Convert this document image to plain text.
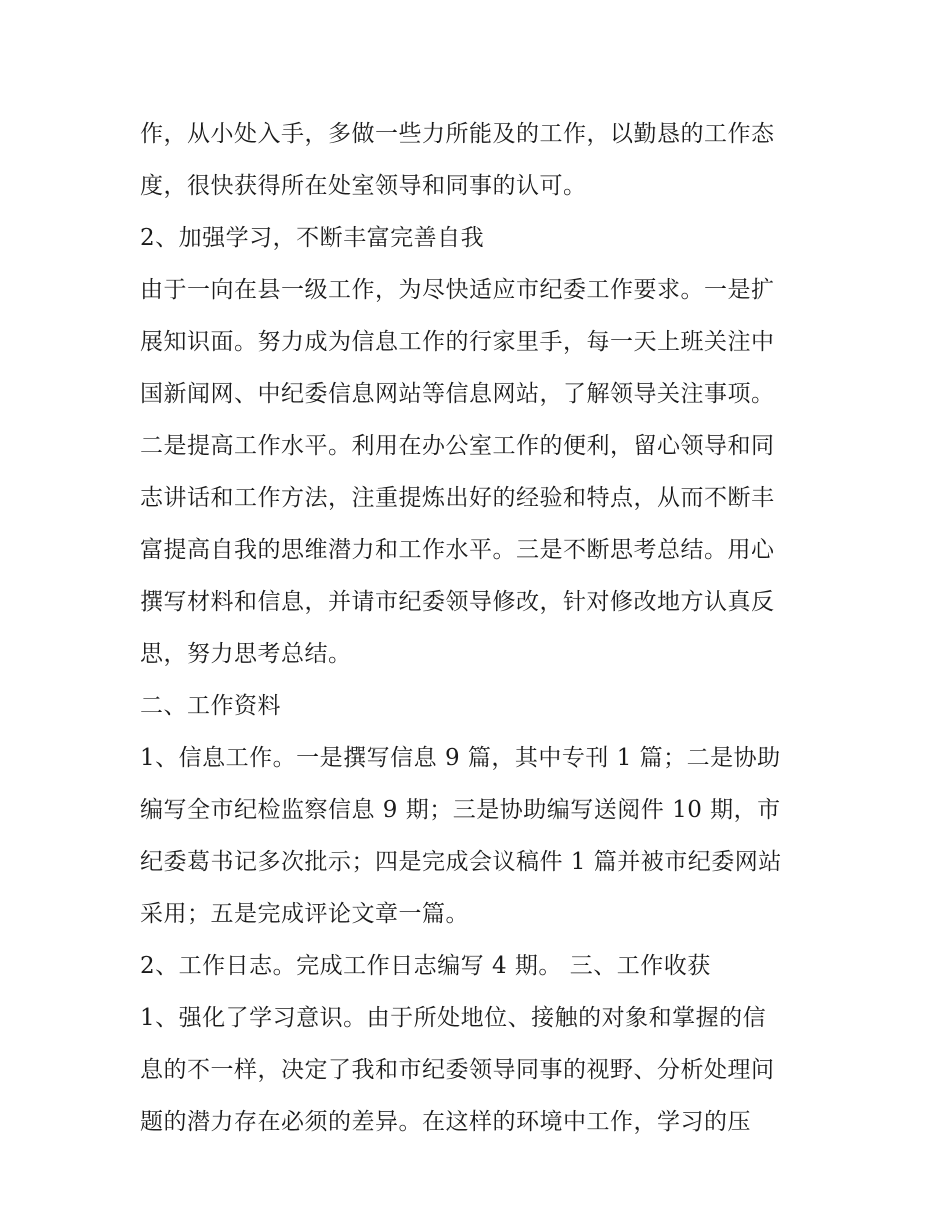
作，从小处入手，多做一些力所能及的工作，以勤恳的工作态
度，很快获得所在处室领导和同事的认可。
2、加强学习，不断丰富完善自我
由于一向在县一级工作，为尽快适应市纪委工作要求。一是扩
展知识面。努力成为信息工作的行家里手，每一天上班关注中
国新闻网、中纪委信息网站等信息网站，了解领导关注事项。
二是提高工作水平。利用在办公室工作的便利，留心领导和同
志讲话和工作方法，注重提炼出好的经验和特点，从而不断丰
富提高自我的思维潜力和工作水平。三是不断思考总结。用心
撰写材料和信息，并请市纪委领导修改，针对修改地方认真反
思，努力思考总结。
二、工作资料
1、信息工作。一是撰写信息 9 篇，其中专刊 1 篇；二是协助
编写全市纪检监察信息 9 期；三是协助编写送阅件 10 期，市
纪委葛书记多次批示；四是完成会议稿件 1 篇并被市纪委网站
采用；五是完成评论文章一篇。
2、工作日志。完成工作日志编写 4 期。 三、工作收获
1、强化了学习意识。由于所处地位、接触的对象和掌握的信
息的不一样，决定了我和市纪委领导同事的视野、分析处理问
题的潜力存在必须的差异。在这样的环境中工作，学习的压
